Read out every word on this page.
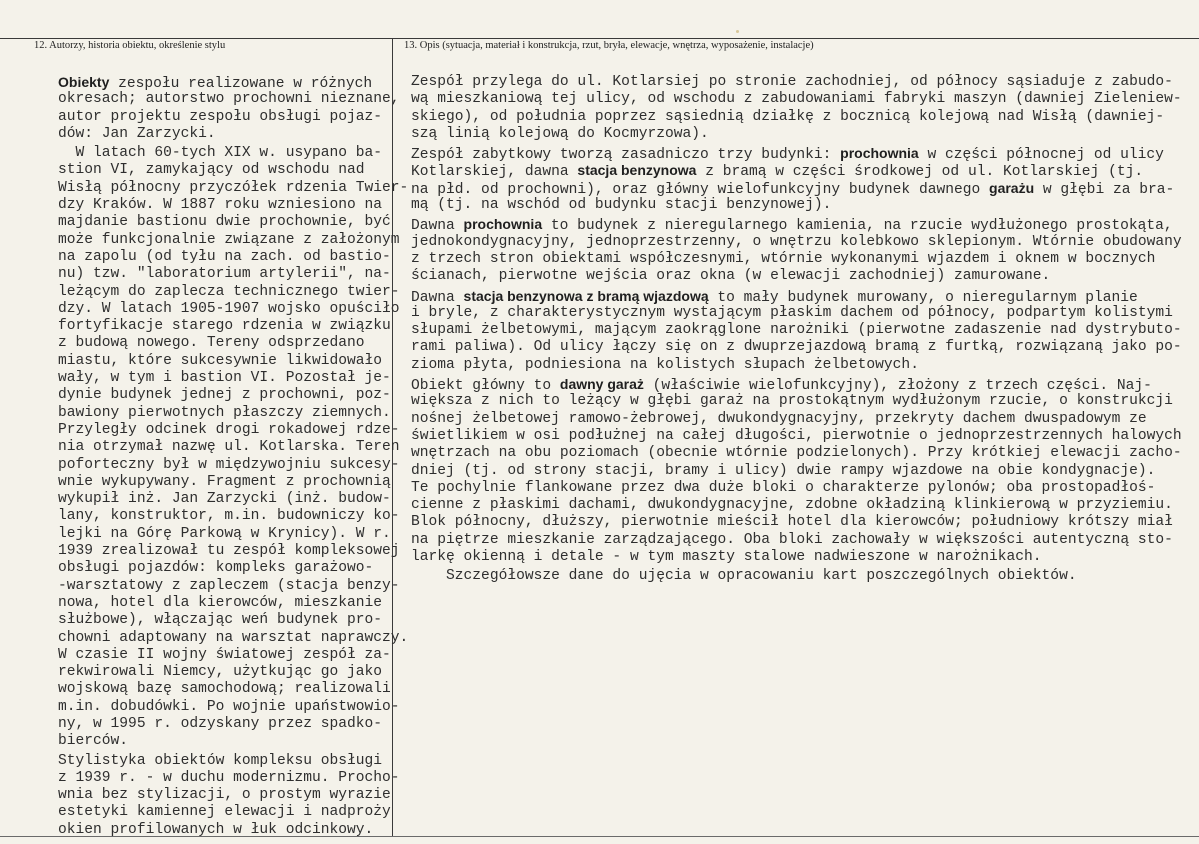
12. Autorzy, historia obiektu, określenie stylu	13. Opis (sytuacja, materiał i konstrukcja, rzut, bryła, elewacje, wnętrza, wyposażenie, instalacje)
Obiekty zespołu realizowane w różnych
okresach; autorstwo prochowni nieznane,
autor projektu zespołu obsługi pojaz-
dów: Jan Zarzycki.
W latach 60-tych XIX w. usypano ba-
stion VI, zamykający od wschodu nad
Wisłą północny przyczółek rdzenia Twier-
dzy Kraków. W 1887 roku wzniesiono na
majdanie bastionu dwie prochownie, być
może funkcjonalnie związane z założonym
na zapolu (od tyłu na zach. od bastio-
nu) tzw. "laboratorium artylerii", na-
leżącym do zaplecza technicznego twier-
dzy. W latach 1905-1907 wojsko opuściło
fortyfikacje starego rdzenia w związku
z budową nowego. Tereny odsprzedano
miastu, które sukcesywnie likwidowało
wały, w tym i bastion VI. Pozostał je-
dynie budynek jednej z prochowni, poz-
bawiony pierwotnych płaszczy ziemnych.
Przyległy odcinek drogi rokadowej rdze-
nia otrzymał nazwę ul. Kotlarska. Teren
poforteczny był w międzywojniu sukcesy-
wnie wykupywany. Fragment z prochownią
wykupił inż. Jan Zarzycki (inż. budow-
lany, konstruktor, m.in. budowniczy ko-
lejki na Górę Parkową w Krynicy). W r.
1939 zrealizował tu zespół kompleksowej
obsługi pojazdów: kompleks garażowo-
-warsztatowy z zapleczem (stacja benzy-
nowa, hotel dla kierowców, mieszkanie
służbowe), włączając weń budynek pro-
chowni adaptowany na warsztat naprawczy.
W czasie II wojny światowej zespół za-
rekwirowali Niemcy, użytkując go jako
wojskową bazę samochodową; realizowali
m.in. dobudówki. Po wojnie upaństwowio-
ny, w 1995 r. odzyskany przez spadko-
bierców.
Stylistyka obiektów kompleksu obsługi
z 1939 r. - w duchu modernizmu. Procho-
wnia bez stylizacji, o prostym wyrazie
estetyki kamiennej elewacji i nadproży
okien profilowanych w łuk odcinkowy.
Zespół przylega do ul. Kotlarsiej po stronie zachodniej, od północy sąsiaduje z zabudo-
wą mieszkaniową tej ulicy, od wschodu z zabudowaniami fabryki maszyn (dawniej Zieleniew-
skiego), od południa poprzez sąsiednią działkę z bocznicą kolejową nad Wisłą (dawniej-
szą linią kolejową do Kocmyrzowa).
Zespół zabytkowy tworzą zasadniczo trzy budynki: prochownia w części północnej od ulicy
Kotlarskiej, dawna stacja benzynowa z bramą w części środkowej od ul. Kotlarskiej (tj.
na płd. od prochowni), oraz główny wielofunkcyjny budynek dawnego garażu w głębi za bra-
mą (tj. na wschód od budynku stacji benzynowej).
Dawna prochownia to budynek z nieregularnego kamienia, na rzucie wydłużonego prostokąta,
jednokondygnacyjny, jednoprzestrzenny, o wnętrzu kolebkowo sklepionym. Wtórnie obudowany
z trzech stron obiektami współczesnymi, wtórnie wykonanymi wjazdem i oknem w bocznych
ścianach, pierwotne wejścia oraz okna (w elewacji zachodniej) zamurowane.
Dawna stacja benzynowa z bramą wjazdową to mały budynek murowany, o nieregularnym planie
i bryle, z charakterystycznym wystającym płaskim dachem od północy, podpartym kolistymi
słupami żelbetowymi, mającym zaokrąglone narożniki (pierwotne zadaszenie nad dystrybuto-
rami paliwa). Od ulicy łączy się on z dwuprzejazdową bramą z furtką, rozwiązaną jako po-
zioma płyta, podniesiona na kolistych słupach żelbetowych.
Obiekt główny to dawny garaż (właściwie wielofunkcyjny), złożony z trzech części. Naj-
większa z nich to leżący w głębi garaż na prostokątnym wydłużonym rzucie, o konstrukcji
nośnej żelbetowej ramowo-żebrowej, dwukondygnacyjny, przekryty dachem dwuspadowym ze
świetlikiem w osi podłużnej na całej długości, pierwotnie o jednoprzestrzennych halowych
wnętrzach na obu poziomach (obecnie wtórnie podzielonych). Przy krótkiej elewacji zacho-
dniej (tj. od strony stacji, bramy i ulicy) dwie rampy wjazdowe na obie kondygnacje).
Te pochylnie flankowane przez dwa duże bloki o charakterze pylonów; oba prostopadłoś-
cienne z płaskimi dachami, dwukondygnacyjne, zdobne okładziną klinkierową w przyziemiu.
Blok północny, dłuższy, pierwotnie mieścił hotel dla kierowców; południowy krótszy miał
na piętrze mieszkanie zarządzającego. Oba bloki zachowały w większości autentyczną sto-
larkę okienną i detale - w tym maszty stalowe nadwieszone w narożnikach.
Szczegółowsze dane do ujęcia w opracowaniu kart poszczególnych obiektów.
